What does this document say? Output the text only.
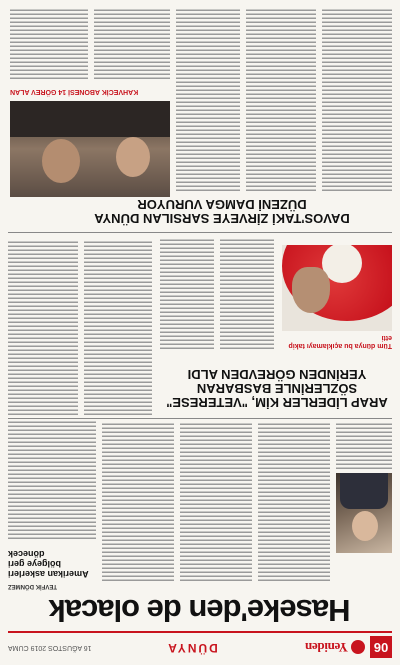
06
Yeniden
DÜNYA
16 AĞUSTOS 2019 CUMA
Haseke'den de olacak
TEVFİK DÖNMEZ
Amerikan askerleri bölgeye geri dönecek
ARAP LİDERLER KİM, "VETERESE" SÖZLERİNLE BASBARAN YERİNDEN GÖREVDEN ALDI
Tüm dünya bu açıklamayı takip etti
DAVOS'TAKİ ZİRVEYE SARSILAN DÜNYA DÜZENİ DAMGA VURUYOR
KAHVECİK ABONESİ 14 GÖREV ALAN
